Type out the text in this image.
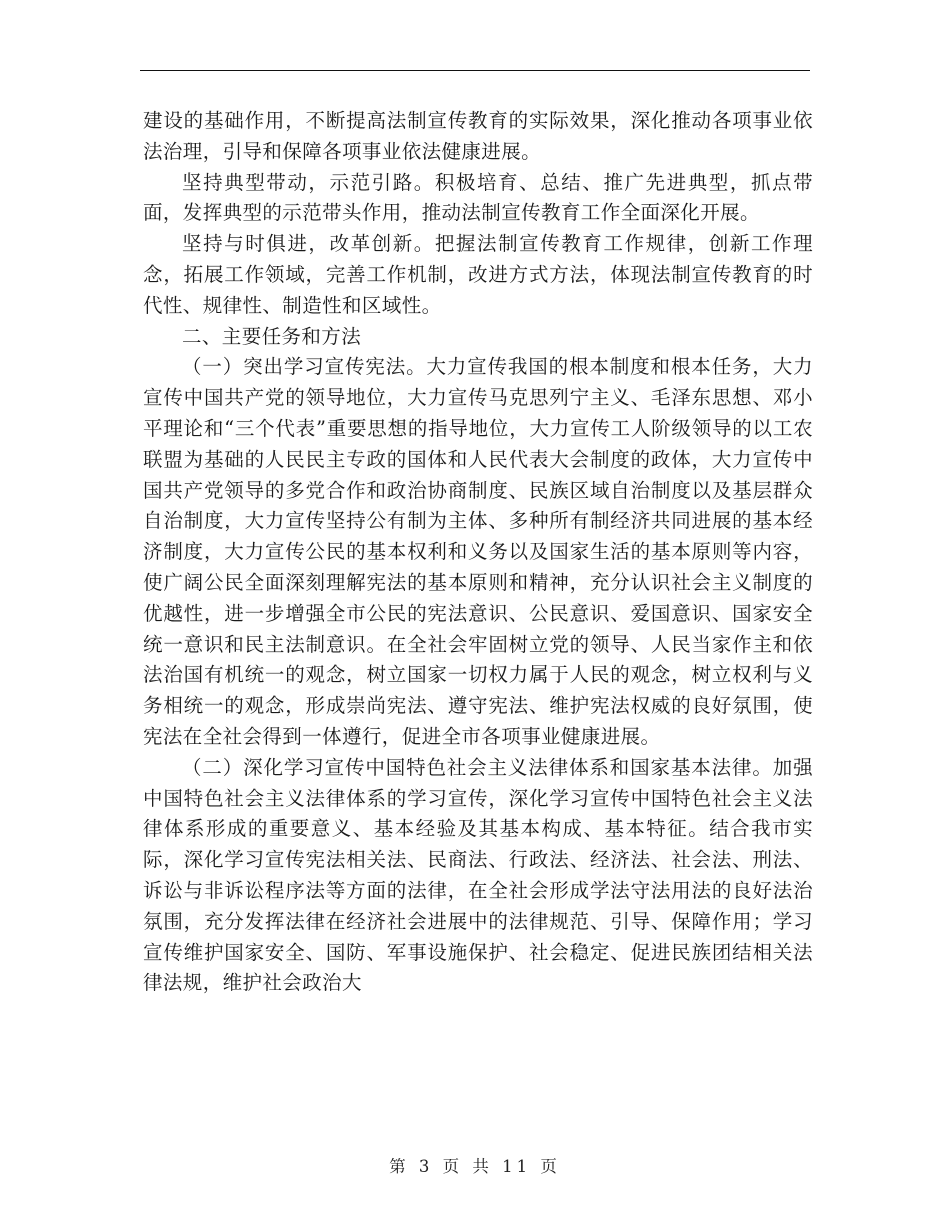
建设的基础作用，不断提高法制宣传教育的实际效果，深化推动各项事业依法治理，引导和保障各项事业依法健康进展。

坚持典型带动，示范引路。积极培育、总结、推广先进典型，抓点带面，发挥典型的示范带头作用，推动法制宣传教育工作全面深化开展。

坚持与时俱进，改革创新。把握法制宣传教育工作规律，创新工作理念，拓展工作领域，完善工作机制，改进方式方法，体现法制宣传教育的时代性、规律性、制造性和区域性。

二、主要任务和方法

（一）突出学习宣传宪法。大力宣传我国的根本制度和根本任务，大力宣传中国共产党的领导地位，大力宣传马克思列宁主义、毛泽东思想、邓小平理论和“三个代表”重要思想的指导地位，大力宣传工人阶级领导的以工农联盟为基础的人民民主专政的国体和人民代表大会制度的政体，大力宣传中国共产党领导的多党合作和政治协商制度、民族区域自治制度以及基层群众自治制度，大力宣传坚持公有制为主体、多种所有制经济共同进展的基本经济制度，大力宣传公民的基本权利和义务以及国家生活的基本原则等内容，使广阔公民全面深刻理解宪法的基本原则和精神，充分认识社会主义制度的优越性，进一步增强全市公民的宪法意识、公民意识、爱国意识、国家安全统一意识和民主法制意识。在全社会牢固树立党的领导、人民当家作主和依法治国有机统一的观念，树立国家一切权力属于人民的观念，树立权利与义务相统一的观念，形成崇尚宪法、遵守宪法、维护宪法权威的良好氛围，使宪法在全社会得到一体遵行，促进全市各项事业健康进展。

（二）深化学习宣传中国特色社会主义法律体系和国家基本法律。加强中国特色社会主义法律体系的学习宣传，深化学习宣传中国特色社会主义法律体系形成的重要意义、基本经验及其基本构成、基本特征。结合我市实际，深化学习宣传宪法相关法、民商法、行政法、经济法、社会法、刑法、诉讼与非诉讼程序法等方面的法律，在全社会形成学法守法用法的良好法治氛围，充分发挥法律在经济社会进展中的法律规范、引导、保障作用；学习宣传维护国家安全、国防、军事设施保护、社会稳定、促进民族团结相关法律法规，维护社会政治大

第 3 页 共 11 页
